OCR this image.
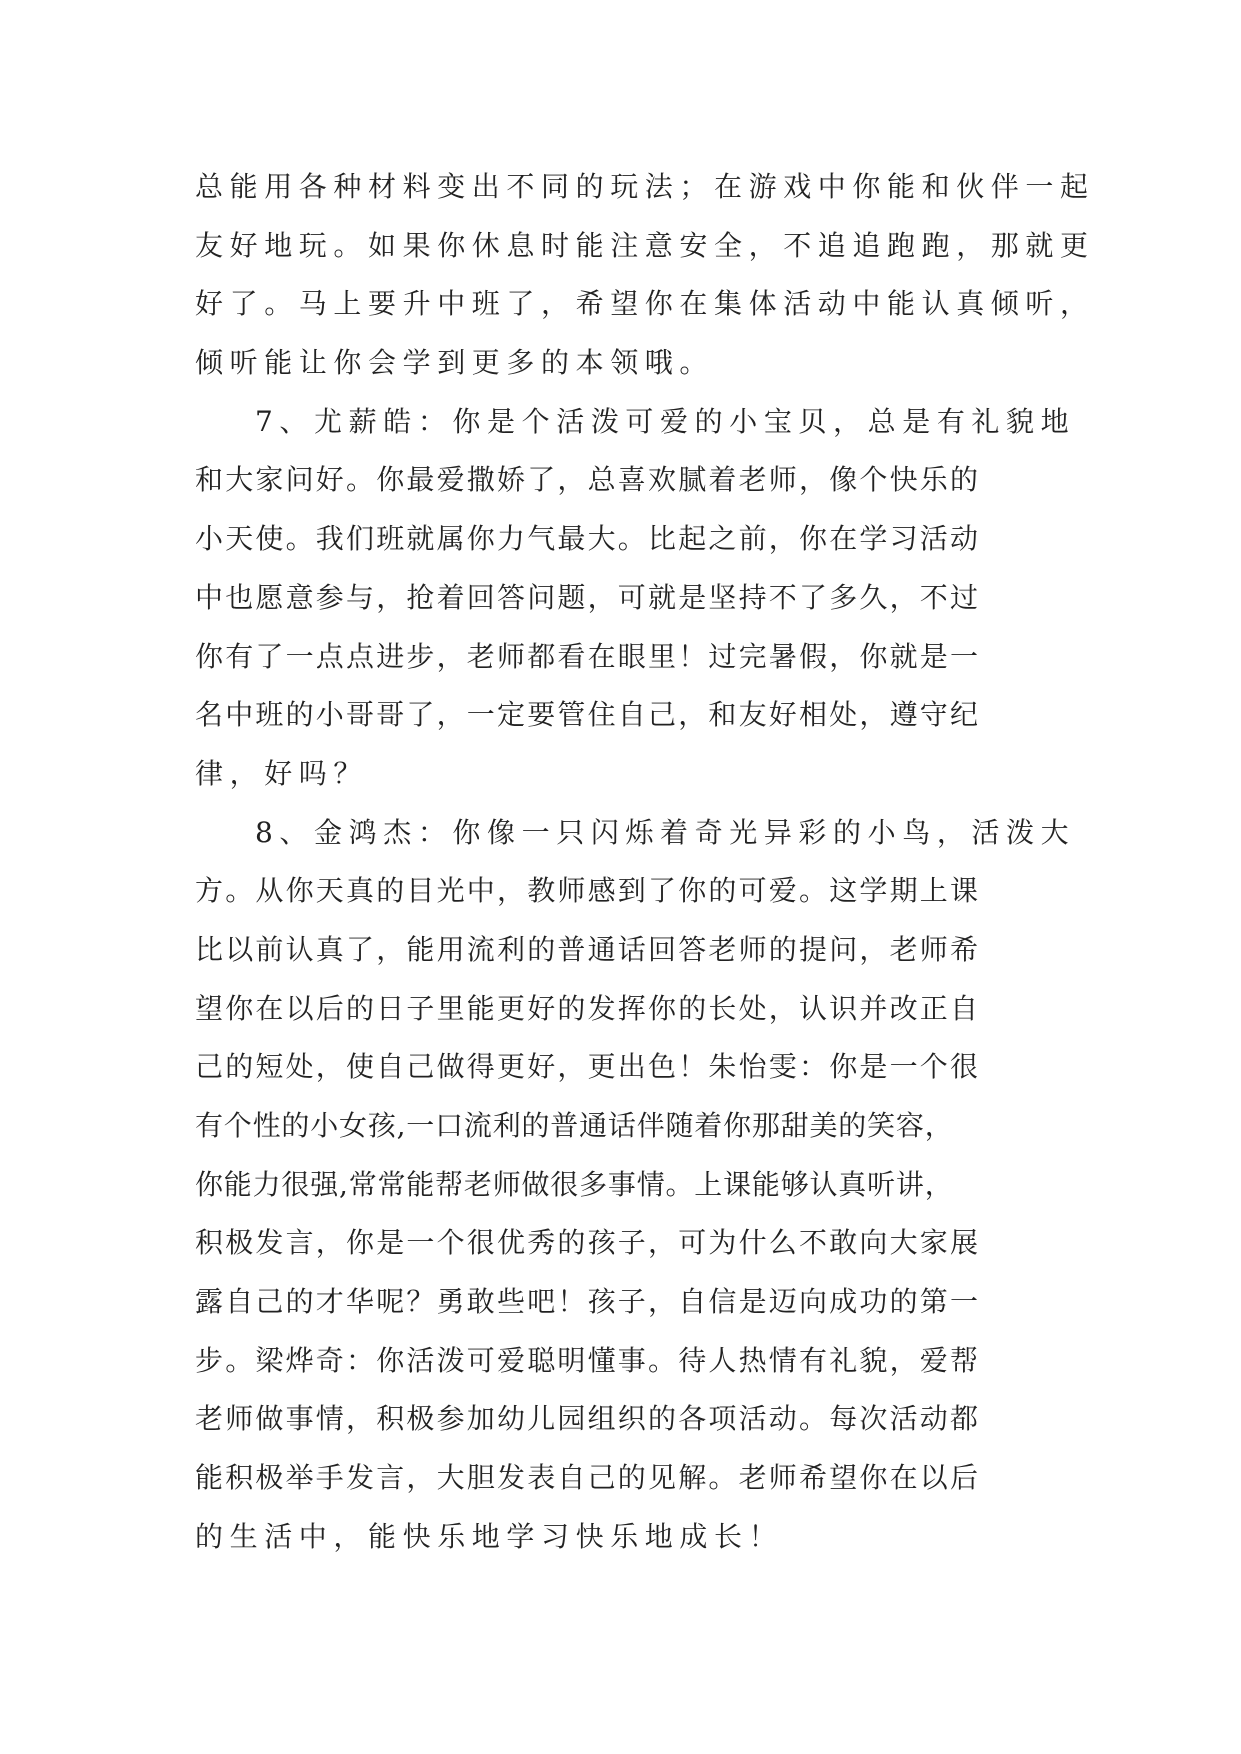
总能用各种材料变出不同的玩法；在游戏中你能和伙伴一起
友好地玩。如果你休息时能注意安全，不追追跑跑，那就更
好了。马上要升中班了，希望你在集体活动中能认真倾听，
倾听能让你会学到更多的本领哦。
7、尤薪皓：你是个活泼可爱的小宝贝，总是有礼貌地
和大家问好。你最爱撒娇了，总喜欢腻着老师，像个快乐的
小天使。我们班就属你力气最大。比起之前，你在学习活动
中也愿意参与，抢着回答问题，可就是坚持不了多久，不过
你有了一点点进步，老师都看在眼里！过完暑假，你就是一
名中班的小哥哥了，一定要管住自己，和友好相处，遵守纪
律，好吗？
8、金鸿杰：你像一只闪烁着奇光异彩的小鸟，活泼大
方。从你天真的目光中，教师感到了你的可爱。这学期上课
比以前认真了，能用流利的普通话回答老师的提问，老师希
望你在以后的日子里能更好的发挥你的长处，认识并改正自
己的短处，使自己做得更好，更出色！朱怡雯：你是一个很
有个性的小女孩,一口流利的普通话伴随着你那甜美的笑容，
你能力很强,常常能帮老师做很多事情。上课能够认真听讲，
积极发言，你是一个很优秀的孩子，可为什么不敢向大家展
露自己的才华呢？勇敢些吧！孩子，自信是迈向成功的第一
步。梁烨奇：你活泼可爱聪明懂事。待人热情有礼貌，爱帮
老师做事情，积极参加幼儿园组织的各项活动。每次活动都
能积极举手发言，大胆发表自己的见解。老师希望你在以后
的生活中，能快乐地学习快乐地成长！
